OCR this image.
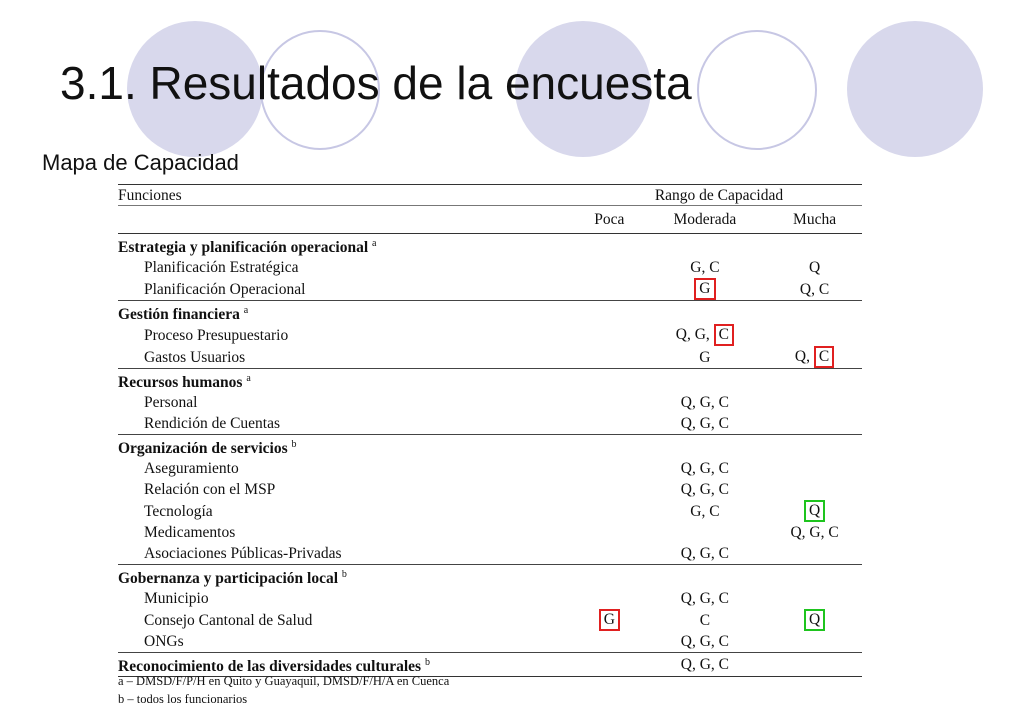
3.1. Resultados de la encuesta
Mapa de Capacidad
Funciones	Rango de Capacidad		
	Poca	Moderada	Mucha
Estrategia y planificación operacional $^a$
Planificación Estratégica		G, C	Q
Planificación Operacional		G	Q, C
Gestión financiera $^a$
Proceso Presupuestario		Q, G, C	
Gastos Usuarios		G	Q, C
Recursos humanos $^a$
Personal		Q, G, C	
Rendición de Cuentas		Q, G, C	
Organización de servicios $^b$
Aseguramiento		Q, G, C	
Relación con el MSP		Q, G, C	
Tecnología		G, C	Q
Medicamentos			Q, G, C
Asociaciones Públicas-Privadas		Q, G, C	
Gobernanza y participación local $^b$
Municipio		Q, G, C	
Consejo Cantonal de Salud	G	C	Q
ONGs		Q, G, C	
Reconocimiento de las diversidades culturales $^b$		Q, G, C	
a – DMSD/F/P/H en Quito y Guayaquil, DMSD/F/H/A en Cuenca
b – todos los funcionarios
